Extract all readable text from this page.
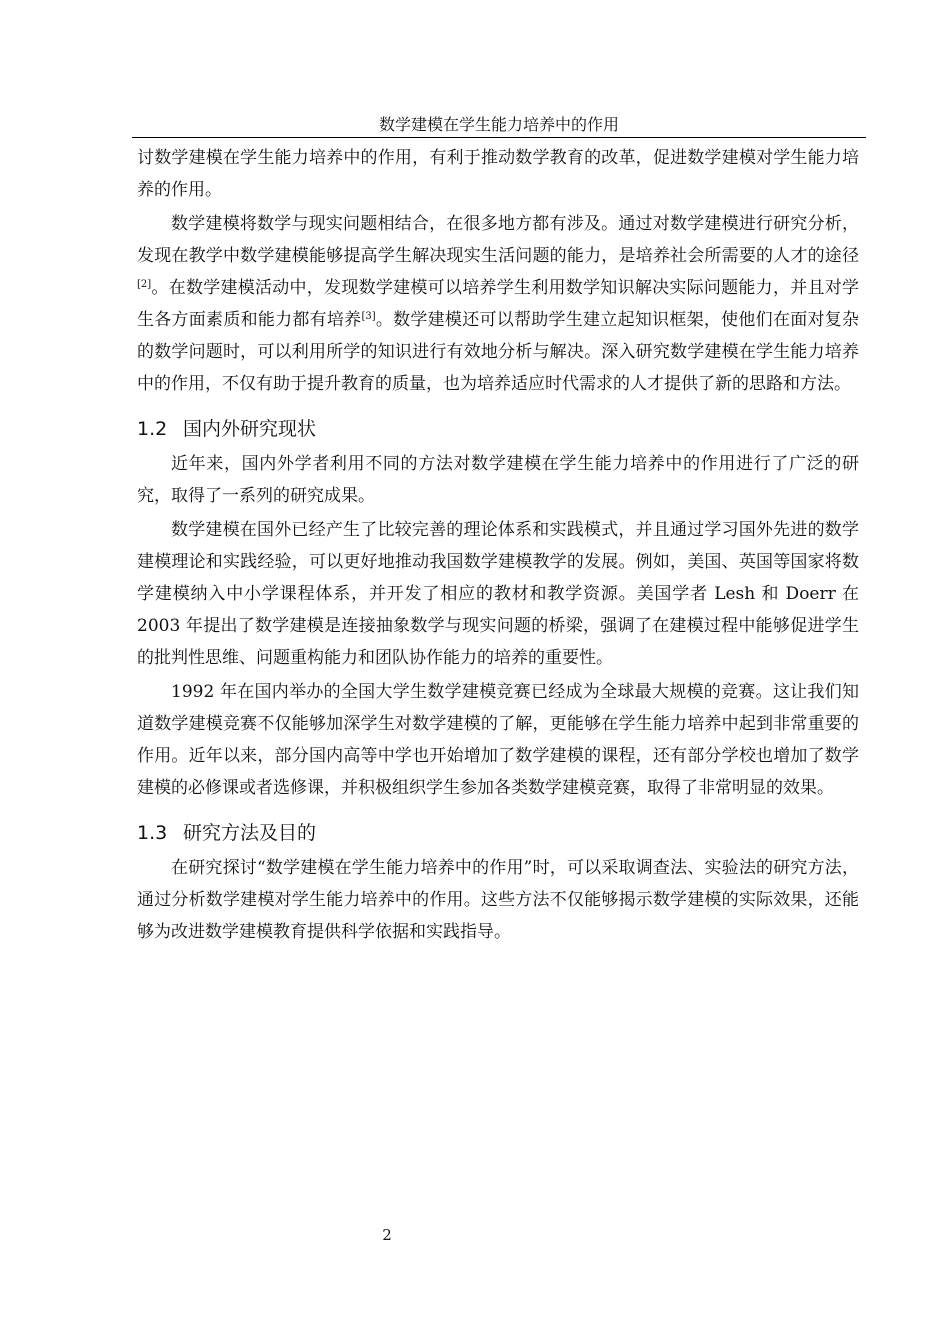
数学建模在学生能力培养中的作用

讨数学建模在学生能力培养中的作用，有利于推动数学教育的改革，促进数学建模对学生能力培养的作用。

数学建模将数学与现实问题相结合，在很多地方都有涉及。通过对数学建模进行研究分析，发现在教学中数学建模能够提高学生解决现实生活问题的能力，是培养社会所需要的人才的途径[2]。在数学建模活动中，发现数学建模可以培养学生利用数学知识解决实际问题能力，并且对学生各方面素质和能力都有培养[3]。数学建模还可以帮助学生建立起知识框架，使他们在面对复杂的数学问题时，可以利用所学的知识进行有效地分析与解决。深入研究数学建模在学生能力培养中的作用，不仅有助于提升教育的质量，也为培养适应时代需求的人才提供了新的思路和方法。

1.2 国内外研究现状

近年来，国内外学者利用不同的方法对数学建模在学生能力培养中的作用进行了广泛的研究，取得了一系列的研究成果。

数学建模在国外已经产生了比较完善的理论体系和实践模式，并且通过学习国外先进的数学建模理论和实践经验，可以更好地推动我国数学建模教学的发展。例如，美国、英国等国家将数学建模纳入中小学课程体系，并开发了相应的教材和教学资源。美国学者 Lesh 和 Doerr 在 2003 年提出了数学建模是连接抽象数学与现实问题的桥梁，强调了在建模过程中能够促进学生的批判性思维、问题重构能力和团队协作能力的培养的重要性。

1992 年在国内举办的全国大学生数学建模竞赛已经成为全球最大规模的竞赛。这让我们知道数学建模竞赛不仅能够加深学生对数学建模的了解，更能够在学生能力培养中起到非常重要的作用。近年以来，部分国内高等中学也开始增加了数学建模的课程，还有部分学校也增加了数学建模的必修课或者选修课，并积极组织学生参加各类数学建模竞赛，取得了非常明显的效果。

1.3 研究方法及目的

在研究探讨“数学建模在学生能力培养中的作用”时，可以采取调查法、实验法的研究方法，通过分析数学建模对学生能力培养中的作用。这些方法不仅能够揭示数学建模的实际效果，还能够为改进数学建模教育提供科学依据和实践指导。

2
